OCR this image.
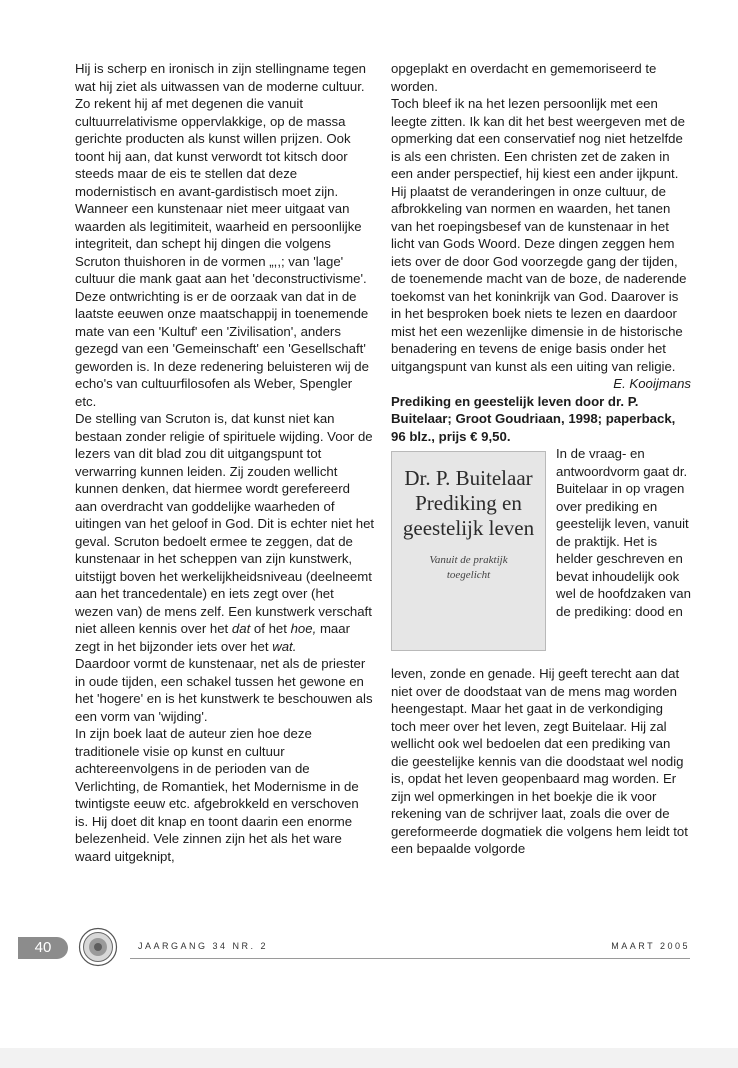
Hij is scherp en ironisch in zijn stellingname tegen wat hij ziet als uitwassen van de moderne cultuur. Zo rekent hij af met degenen die vanuit cultuurrelativisme oppervlakkige, op de massa gerichte producten als kunst willen prijzen. Ook toont hij aan, dat kunst verwordt tot kitsch door steeds maar de eis te stellen dat deze modernistisch en avant-gardistisch moet zijn. Wanneer een kunstenaar niet meer uitgaat van waarden als legitimiteit, waarheid en persoonlijke integriteit, dan schept hij dingen die volgens Scruton thuishoren in de vormen „,,; van 'lage' cultuur die mank gaat aan het 'deconstructivisme'. Deze ontwrichting is er de oorzaak van dat in de laatste eeuwen onze maatschappij in toenemende mate van een 'Kultuf' een 'Zivilisation', anders gezegd van een 'Gemeinschaft' een 'Gesellschaft' geworden is. In deze redenering beluisteren wij de echo's van cultuurfilosofen als Weber, Spengler etc.

De stelling van Scruton is, dat kunst niet kan bestaan zonder religie of spirituele wijding. Voor de lezers van dit blad zou dit uitgangspunt tot verwarring kunnen leiden. Zij zouden wellicht kunnen denken, dat hiermee wordt gerefereerd aan overdracht van goddelijke waarheden of uitingen van het geloof in God. Dit is echter niet het geval. Scruton bedoelt ermee te zeggen, dat de kunstenaar in het scheppen van zijn kunstwerk, uitstijgt boven het werkelijkheidsniveau (deelneemt aan het trancedentale) en iets zegt over (het wezen van) de mens zelf. Een kunstwerk verschaft niet alleen kennis over het dat of het hoe, maar zegt in het bijzonder iets over het wat.

Daardoor vormt de kunstenaar, net als de priester in oude tijden, een schakel tussen het gewone en het 'hogere' en is het kunstwerk te beschouwen als een vorm van 'wijding'.

In zijn boek laat de auteur zien hoe deze traditionele visie op kunst en cultuur achtereenvolgens in de perioden van de Verlichting, de Romantiek, het Modernisme in de twintigste eeuw etc. afgebrokkeld en verschoven is. Hij doet dit knap en toont daarin een enorme belezenheid. Vele zinnen zijn het als het ware waard uitgeknipt,

opgeplakt en overdacht en gememoriseerd te worden.

Toch bleef ik na het lezen persoonlijk met een leegte zitten. Ik kan dit het best weergeven met de opmerking dat een conservatief nog niet hetzelfde is als een christen. Een christen zet de zaken in een ander perspectief, hij kiest een ander ijkpunt. Hij plaatst de veranderingen in onze cultuur, de afbrokkeling van normen en waarden, het tanen van het roepingsbesef van de kunstenaar in het licht van Gods Woord. Deze dingen zeggen hem iets over de door God voorzegde gang der tijden, de toenemende macht van de boze, de naderende toekomst van het koninkrijk van God. Daarover is in het besproken boek niets te lezen en daardoor mist het een wezenlijke dimensie in de historische benadering en tevens de enige basis onder het uitgangspunt van kunst als een uiting van religie.

E. Kooijmans

Prediking en geestelijk leven door dr. P. Buitelaar; Groot Goudriaan, 1998; paperback, 96 blz., prijs € 9,50.

Dr. P. Buitelaar
Prediking en
geestelijk leven
Vanuit de praktijk
toegelicht

In de vraag- en antwoordvorm gaat dr. Buitelaar in op vragen over prediking en geestelijk leven, vanuit de praktijk. Het is helder geschreven en bevat inhoudelijk ook wel de hoofdzaken van de prediking: dood en

leven, zonde en genade. Hij geeft terecht aan dat niet over de doodstaat van de mens mag worden heengestapt. Maar het gaat in de verkondiging toch meer over het leven, zegt Buitelaar. Hij zal wellicht ook wel bedoelen dat een prediking van die geestelijke kennis van die doodstaat wel nodig is, opdat het leven geopenbaard mag worden. Er zijn wel opmerkingen in het boekje die ik voor rekening van de schrijver laat, zoals die over de gereformeerde dogmatiek die volgens hem leidt tot een bepaalde volgorde

40	JAARGANG 34 NR. 2	MAART 2005
